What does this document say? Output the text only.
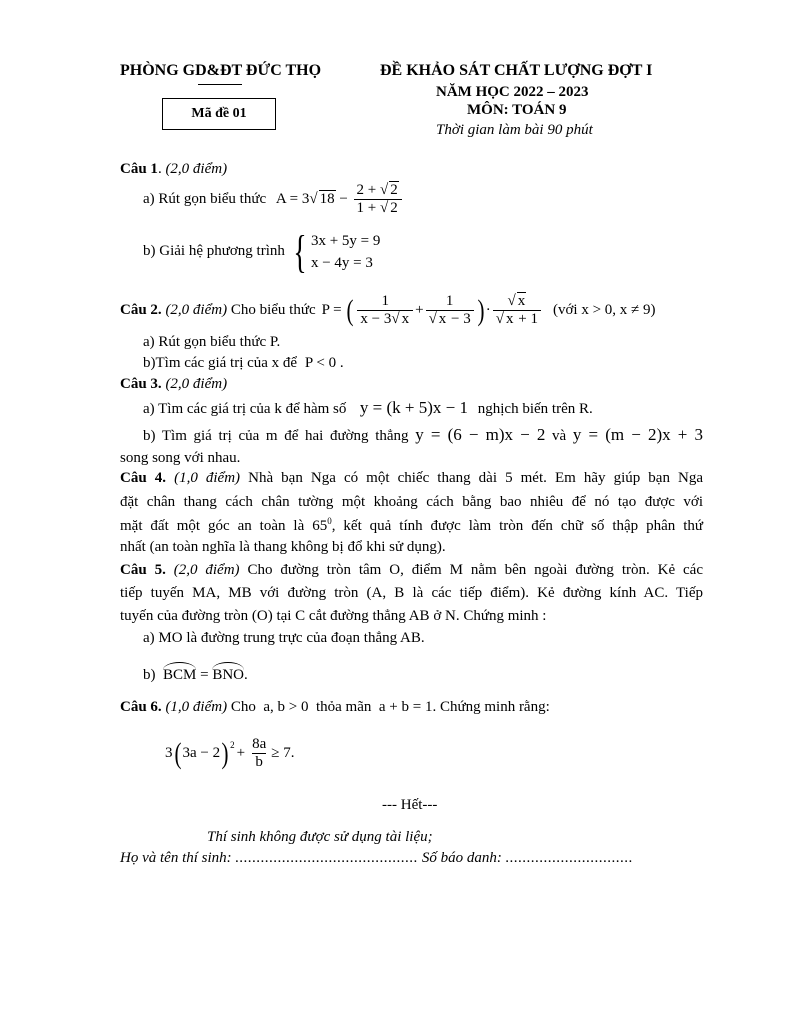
PHÒNG GD&ĐT ĐỨC THỌ	ĐỀ KHẢO SÁT CHẤT LƯỢNG ĐỢT I
NĂM HỌC 2022 – 2023
MÔN: TOÁN 9
Thời gian làm bài 90 phút
Mã đề 01
Câu 1. (2,0 điểm)
a) Rút gọn biểu thức A = 3 √ $18 - \frac{2 + √ 2}{1 + √ 2}$
b) Giải hệ phương trình { 3x + 5y = 9
x − 4y = 3
Câu 2.
(2,0 điểm)
Cho biểu thức P = ( $\frac{1}{x - 3 √ x} + 1$
√ x − 3 ) · √ x
√ x + 1 (với x > 0, x ≠ 9)
a) Rút gọn biểu thức P.
b)Tìm các giá trị của x để P < 0 .
Câu 3. (2,0 điểm)
a) Tìm các giá trị của k để hàm số y = (k + 5)x − 1 nghịch biến trên R.
b) Tìm giá trị của m để hai đường thẳng y = (6 − m)x − 2 và y = (m − 2)x + 3
song song với nhau.
Câu 4. (1,0 điểm) Nhà bạn Nga có một chiếc thang dài 5 mét. Em hãy giúp bạn Nga
đặt chân thang cách chân tường một khoảng cách bằng bao nhiêu để nó tạo được với
mặt đất một góc an toàn là $65^0$, kết quả tính được làm tròn đến chữ số thập phân thứ
nhất (an toàn nghĩa là thang không bị đổ khi sử dụng).
Câu 5. (2,0 điểm) Cho đường tròn tâm O, điểm M nằm bên ngoài đường tròn. Kẻ các
tiếp tuyến MA, MB với đường tròn (A, B là các tiếp điểm). Kẻ đường kính AC. Tiếp
tuyến của đường tròn (O) tại C cắt đường thẳng AB ở N. Chứng minh :
a) MO là đường trung trực của đoạn thẳng AB.
b) BCM = BNO.
Câu 6. (1,0 điểm) Cho a, b > 0 thỏa mãn a + b = 1. Chứng minh rằng:
3 ( 3a − 2 )$^2$
+ $\frac{8a}{b} \ge 7$.
--- Hết---
Thí sinh không được sử dụng tài liệu;
Họ và tên thí sinh: ........................................... Số báo danh: ..............................
